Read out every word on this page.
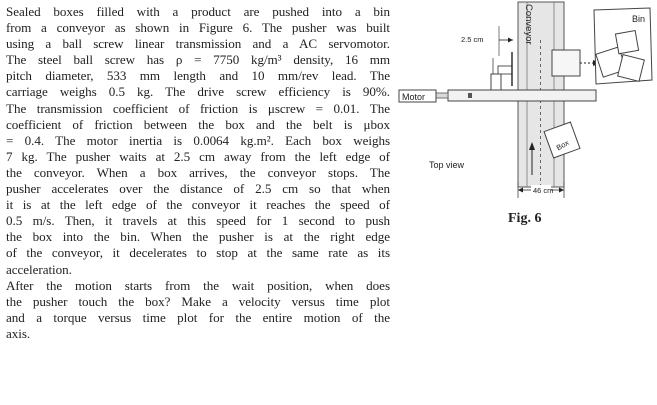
Sealed boxes filled with a product are pushed into a bin
from a conveyor as shown in Figure 6. The pusher was built
using a ball screw linear transmission and a AC servomotor.
The steel ball screw has ρ = 7750 kg/m³ density, 16 mm
pitch diameter, 533 mm length and 10 mm/rev lead. The
carriage weighs 0.5 kg. The drive screw efficiency is 90%.
The transmission coefficient of friction is μscrew = 0.01. The
coefficient of friction between the box and the belt is μbox
= 0.4. The motor inertia is 0.0064 kg.m². Each box weighs
7 kg. The pusher waits at 2.5 cm away from the left edge of
the conveyor. When a box arrives, the conveyor stops. The
pusher accelerates over the distance of 2.5 cm so that when
it is at the left edge of the conveyor it reaches the speed of
0.5 m/s. Then, it travels at this speed for 1 second to push
the box into the bin. When the pusher is at the right edge
of the conveyor, it decelerates to stop at the same rate as its
acceleration.

After the motion starts from the wait position, when does
the pusher touch the box? Make a velocity versus time plot
and a torque versus time plot for the entire motion of the
axis.

Conveyor
Box
Bin
Motor
2.5 cm
Top view
46 cm
Fig. 6
